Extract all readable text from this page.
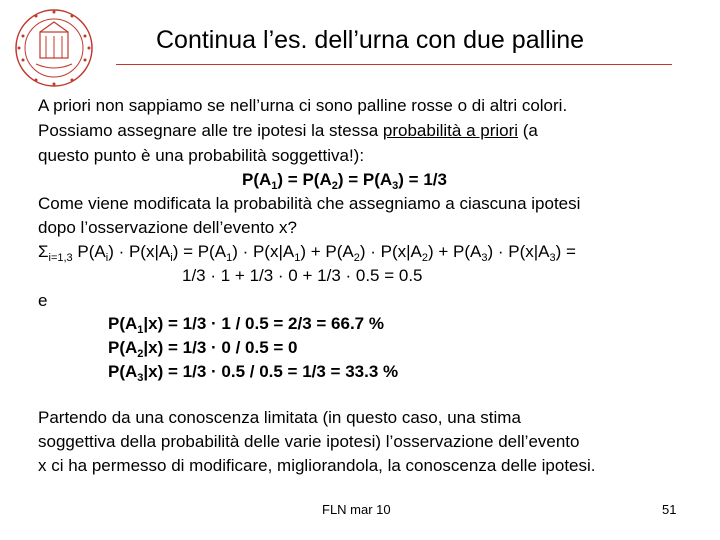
Continua l’es. dell’urna con due palline
A priori non sappiamo se nell’urna ci sono palline rosse o di altri colori.
Possiamo assegnare alle tre ipotesi la stessa probabilità a priori (a
questo punto è una probabilità soggettiva!):
$P(A_1) = P(A_2) = P(A_3) = 1/3$
Come viene modificata la probabilità che assegniamo a ciascuna ipotesi
dopo l’osservazione dell’evento x?
$\Sigma_{i=1,3}$ $P(A_i) \cdot P(x|A_i) = P(A_1) \cdot P(x|A_1) + P(A_2) \cdot P(x|A_2) + P(A_3) \cdot P(x|A_3)$ =
1/3 · 1 + 1/3 · 0 + 1/3 · 0.5 = 0.5
e
$P(A_1|x) = 1/3 \cdot 1 / 0.5 = 2/3 = 66.7$ %
$P(A_2|x) = 1/3 \cdot 0 / 0.5 = 0$
$P(A_3|x) = 1/3 \cdot 0.5 / 0.5 = 1/3 = 33.3$ %
Partendo da una conoscenza limitata (in questo caso, una stima
soggettiva della probabilità delle varie ipotesi) l’osservazione dell’evento
x ci ha permesso di modificare, migliorandola, la conoscenza delle ipotesi.
FLN mar 10	51
